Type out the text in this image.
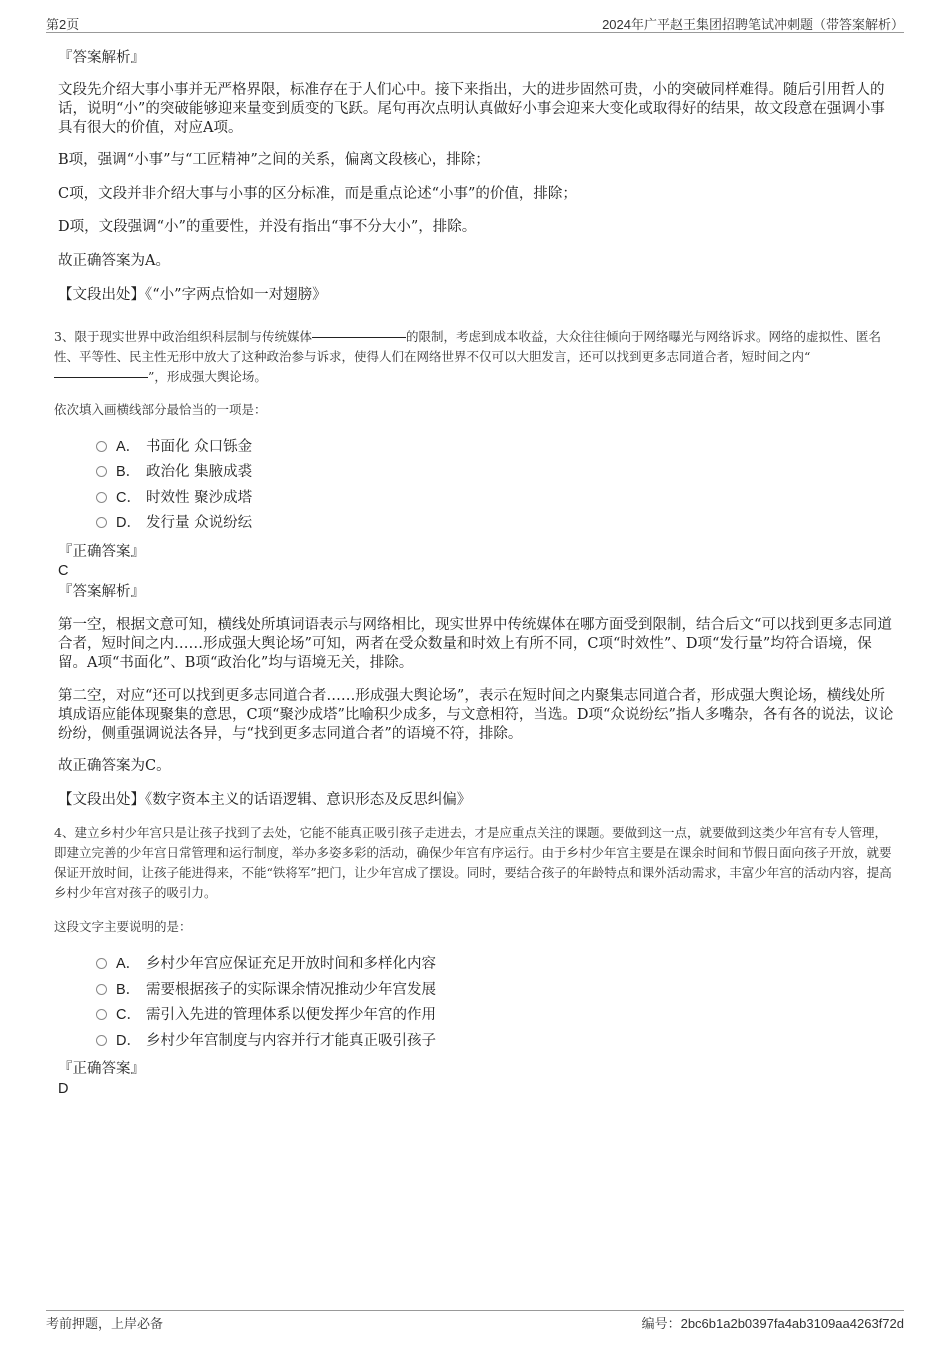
第2页	2024年广平赵王集团招聘笔试冲刺题（带答案解析）

『答案解析』

文段先介绍大事小事并无严格界限，标准存在于人们心中。接下来指出，大的进步固然可贵，小的突破同样难得。随后引用哲人的话，说明“小”的突破能够迎来量变到质变的飞跃。尾句再次点明认真做好小事会迎来大变化或取得好的结果，故文段意在强调小事具有很大的价值，对应A项。

B项，强调“小事”与“工匠精神”之间的关系，偏离文段核心，排除；

C项，文段并非介绍大事与小事的区分标准，而是重点论述“小事”的价值，排除；

D项，文段强调“小”的重要性，并没有指出“事不分大小”，排除。

故正确答案为A。

【文段出处】《“小”字两点恰如一对翅膀》

3、限于现实世界中政治组织科层制与传统媒体	的限制，考虑到成本收益，大众往往倾向于网络曝光与网络诉求。网络的虚拟性、匿名性、平等性、民主性无形中放大了这种政治参与诉求，使得人们在网络世界不仅可以大胆发言，还可以找到更多志同道合者，短时间之内“”，形成强大舆论场。

依次填入画横线部分最恰当的一项是：

A． 书面化 众口铄金
B． 政治化 集腋成裘
C． 时效性 聚沙成塔
D． 发行量 众说纷纭

『正确答案』

C

『答案解析』

第一空，根据文意可知，横线处所填词语表示与网络相比，现实世界中传统媒体在哪方面受到限制，结合后文“可以找到更多志同道合者，短时间之内……形成强大舆论场”可知，两者在受众数量和时效上有所不同，C项“时效性”、D项“发行量”均符合语境，保留。A项“书面化”、B项“政治化”均与语境无关，排除。

第二空，对应“还可以找到更多志同道合者……形成强大舆论场”，表示在短时间之内聚集志同道合者，形成强大舆论场，横线处所填成语应能体现聚集的意思，C项“聚沙成塔”比喻积少成多，与文意相符，当选。D项“众说纷纭”指人多嘴杂，各有各的说法，议论纷纷，侧重强调说法各异，与“找到更多志同道合者”的语境不符，排除。

故正确答案为C。

【文段出处】《数字资本主义的话语逻辑、意识形态及反思纠偏》

4、建立乡村少年宫只是让孩子找到了去处，它能不能真正吸引孩子走进去，才是应重点关注的课题。要做到这一点，就要做到这类少年宫有专人管理，即建立完善的少年宫日常管理和运行制度，举办多姿多彩的活动，确保少年宫有序运行。由于乡村少年宫主要是在课余时间和节假日面向孩子开放，就要保证开放时间，让孩子能进得来，不能“铁将军”把门，让少年宫成了摆设。同时，要结合孩子的年龄特点和课外活动需求，丰富少年宫的活动内容，提高乡村少年宫对孩子的吸引力。

这段文字主要说明的是：

A． 乡村少年宫应保证充足开放时间和多样化内容
B． 需要根据孩子的实际课余情况推动少年宫发展
C． 需引入先进的管理体系以便发挥少年宫的作用
D． 乡村少年宫制度与内容并行才能真正吸引孩子

『正确答案』

D

考前押题，上岸必备	编号：2bc6b1a2b0397fa4ab3109aa4263f72d
